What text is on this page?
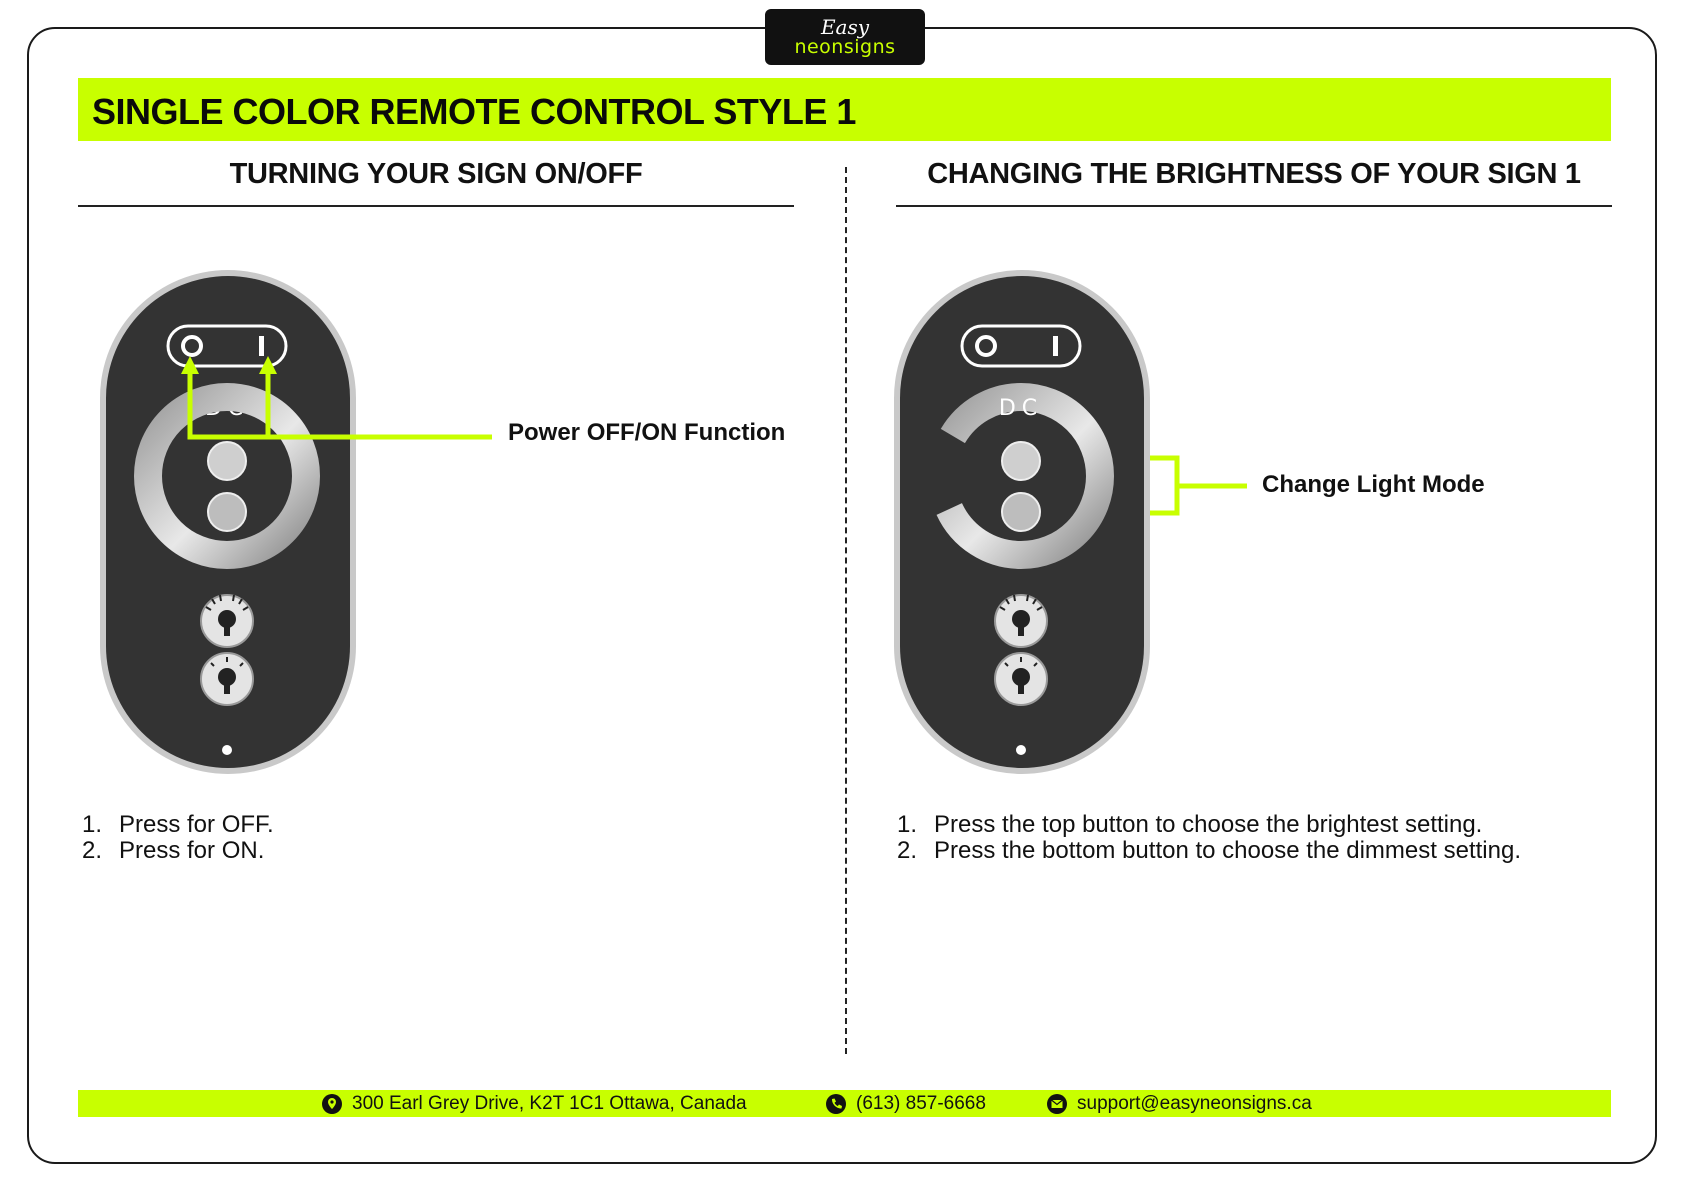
Easy
neonsigns
SINGLE COLOR REMOTE CONTROL STYLE 1
TURNING YOUR SIGN ON/OFF	CHANGING THE BRIGHTNESS OF YOUR SIGN 1
DC
Power OFF/ON Function
DC
Change Light Mode
1. Press for OFF.
2. Press for ON.
1. Press the top button to choose the brightest setting.
2. Press the bottom button to choose the dimmest setting.
300 Earl Grey Drive, K2T 1C1 Ottawa, Canada	(613) 857-6668	support@easyneonsigns.ca
